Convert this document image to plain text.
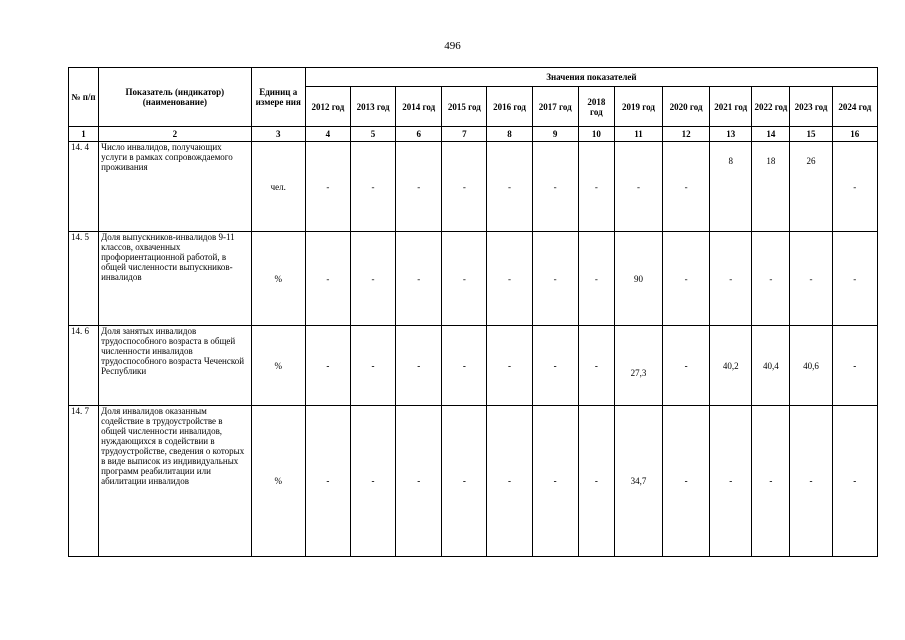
496
№ п/п	Показатель (индикатор) (наименование)	Единиц а измере ния	Значения показателей												
			2012 год	2013 год	2014 год	2015 год	2016 год	2017 год	2018 год	2019 год	2020 год	2021 год	2022 год	2023 год	2024 год
1	2	3	4	5	6	7	8	9	10	11	12	13	14	15	16
14. 4	Число инвалидов, получающих услуги в рамках сопровождаемого проживания	чел.	-	-	-	-	-	-	-	-	-	8	18	26	-
14. 5	Доля выпускников-инвалидов 9-11 классов, охваченных профориентационной работой, в общей численности выпускников-инвалидов	%	-	-	-	-	-	-	-	90	-	-	-	-	-
14. 6	Доля занятых инвалидов трудоспособного возраста в общей численности инвалидов трудоспособного возраста Чеченской Республики	%	-	-	-	-	-	-	-	27,3	-	40,2	40,4	40,6	-
14. 7	Доля инвалидов оказанным содействие в трудоустройстве в общей численности инвалидов, нуждающихся в содействии в трудоустройстве, сведения о которых в виде выписок из индивидуальных программ реабилитации или абилитации инвалидов	%	-	-	-	-	-	-	-	34,7	-	-	-	-	-
